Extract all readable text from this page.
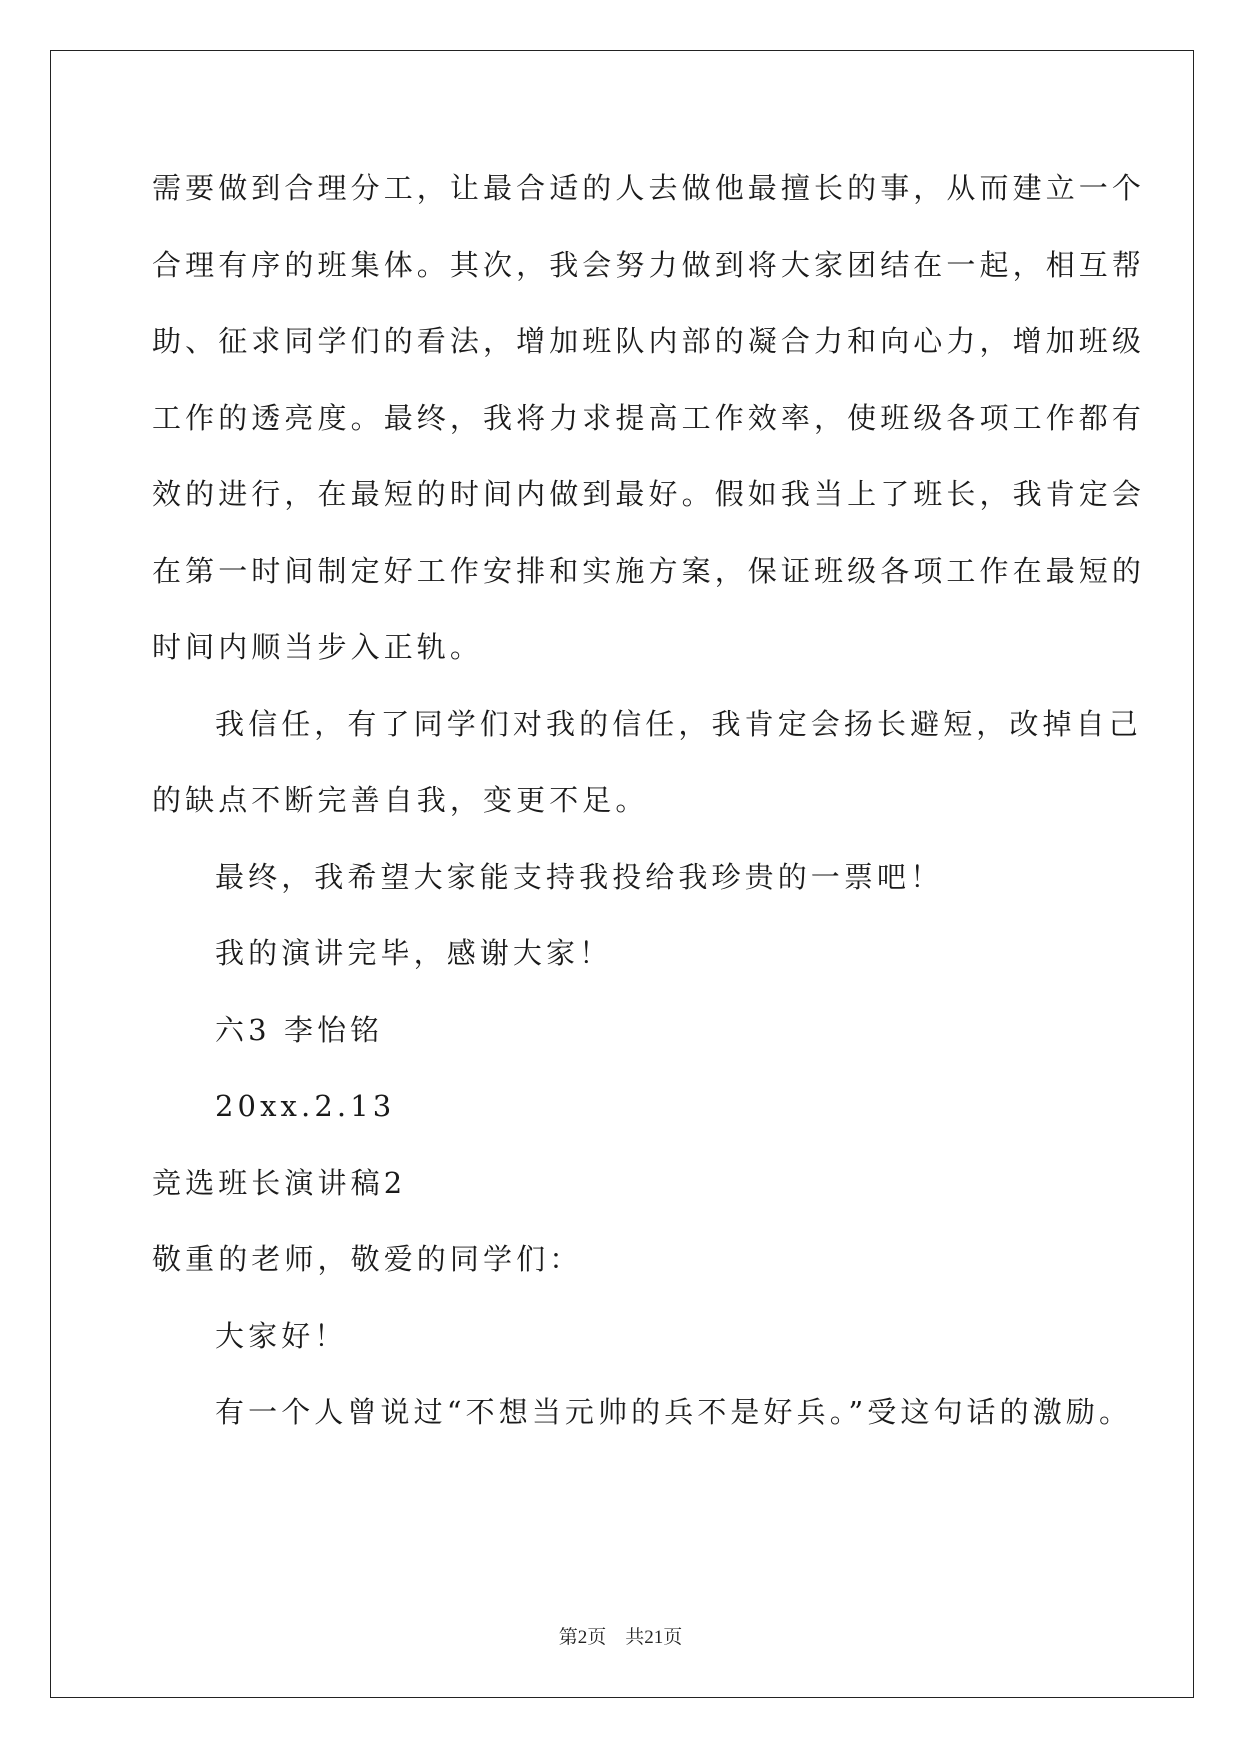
需要做到合理分工，让最合适的人去做他最擅长的事，从而建立一个
合理有序的班集体。其次，我会努力做到将大家团结在一起，相互帮
助、征求同学们的看法，增加班队内部的凝合力和向心力，增加班级
工作的透亮度。最终，我将力求提高工作效率，使班级各项工作都有
效的进行，在最短的时间内做到最好。假如我当上了班长，我肯定会
在第一时间制定好工作安排和实施方案，保证班级各项工作在最短的
时间内顺当步入正轨。
我信任，有了同学们对我的信任，我肯定会扬长避短，改掉自己
的缺点不断完善自我，变更不足。
最终，我希望大家能支持我投给我珍贵的一票吧！
我的演讲完毕，感谢大家！
六3 李怡铭
20xx.2.13
竞选班长演讲稿2
敬重的老师，敬爱的同学们：
大家好！
有一个人曾说过“不想当元帅的兵不是好兵。”受这句话的激励。
第2页　共21页
